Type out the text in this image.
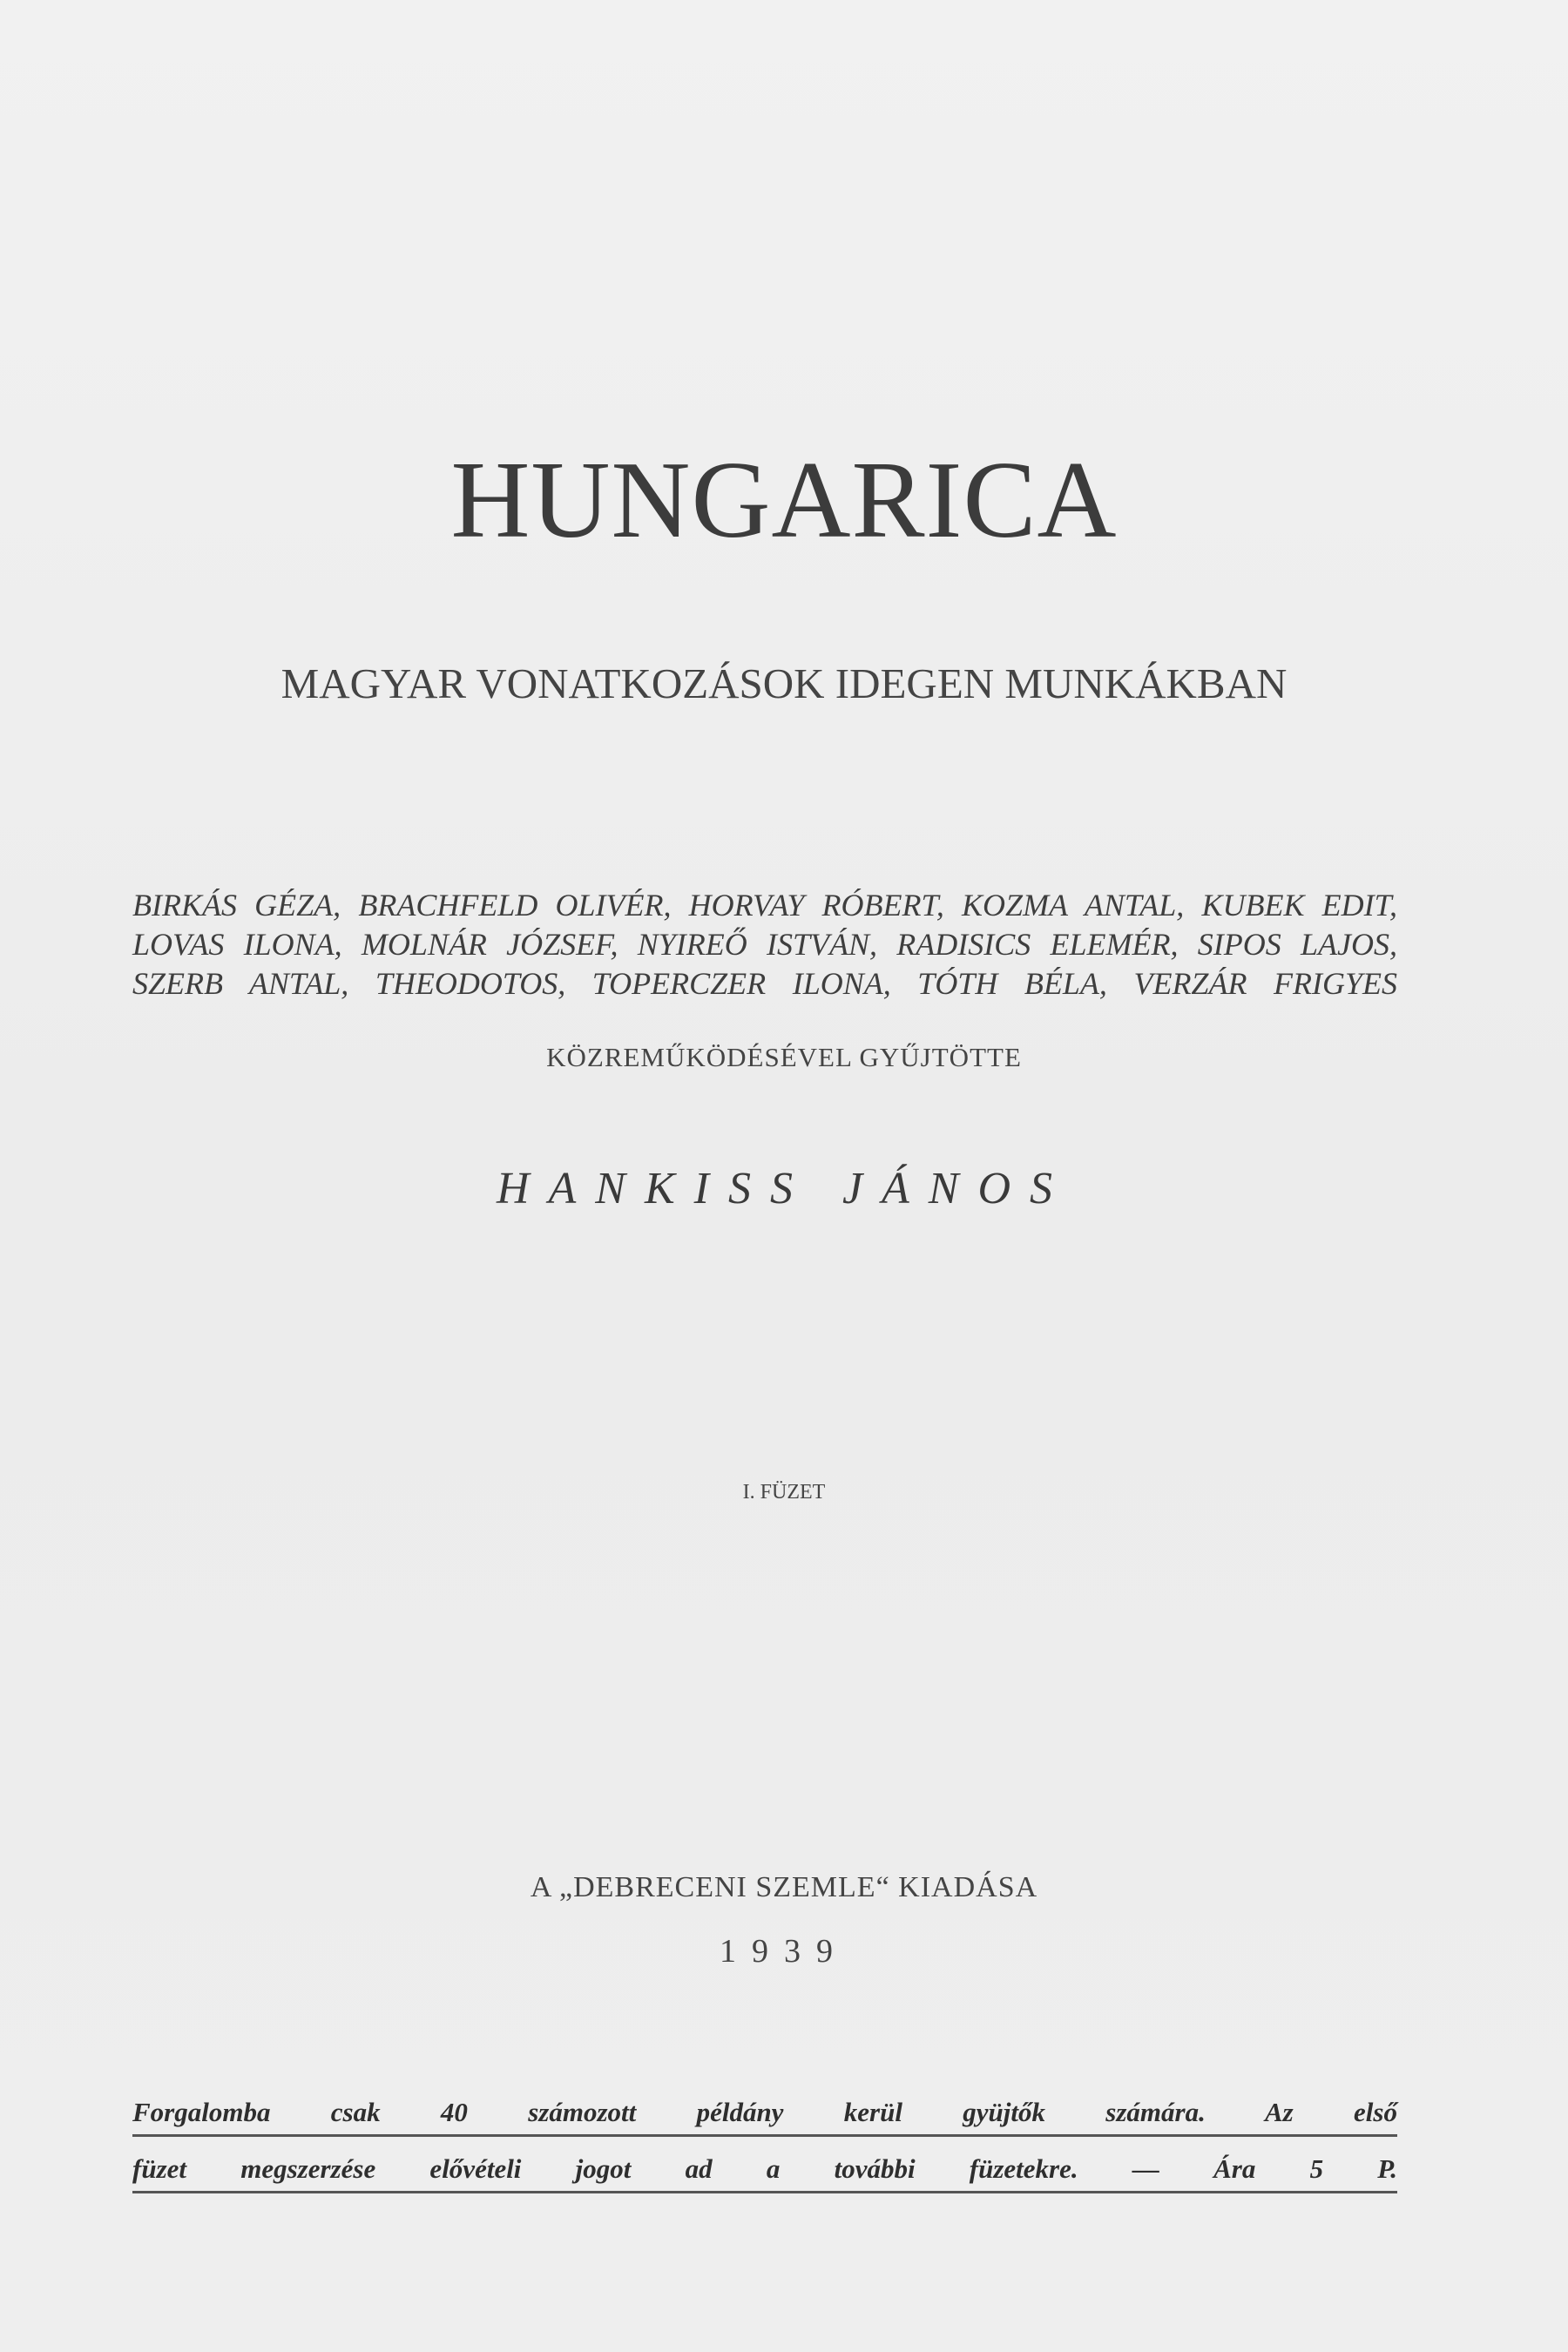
HUNGARICA
MAGYAR VONATKOZÁSOK IDEGEN MUNKÁKBAN
BIRKÁS GÉZA, BRACHFELD OLIVÉR, HORVAY RÓBERT, KOZMA ANTAL, KUBEK EDIT,
LOVAS ILONA, MOLNÁR JÓZSEF, NYIREŐ ISTVÁN, RADISICS ELEMÉR, SIPOS LAJOS,
SZERB ANTAL, THEODOTOS, TOPERCZER ILONA, TÓTH BÉLA, VERZÁR FRIGYES
KÖZREMŰKÖDÉSÉVEL GYŰJTÖTTE
HANKISS JÁNOS
I. FÜZET
A „DEBRECENI SZEMLE“ KIADÁSA
1939
Forgalomba csak 40 számozott példány kerül gyüjtők számára. Az első
füzet megszerzése elővételi jogot ad a további füzetekre. — Ára 5 P.
